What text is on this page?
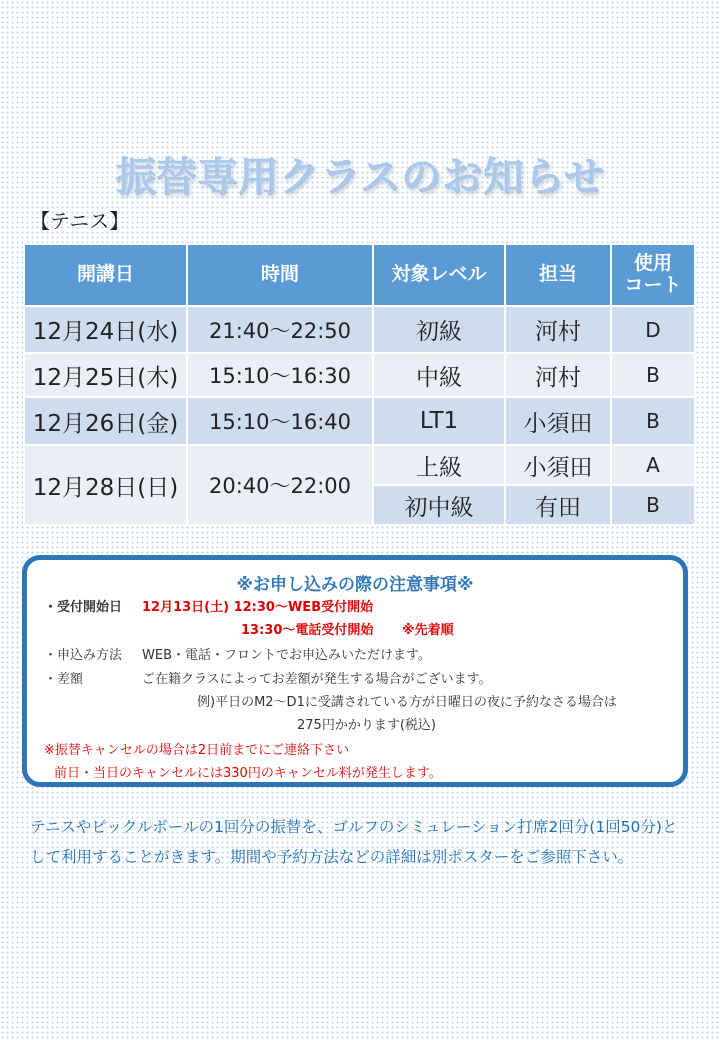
振替専用クラスのお知らせ
【テニス】
開講日	時間	対象レベル	担当	使用
コート
12月24日(水)	21:40〜22:50	初級	河村	D
12月25日(木)	15:10〜16:30	中級	河村	B
12月26日(金)	15:10〜16:40	LT1	小須田	B
12月28日(日)	20:40〜22:00	上級	小須田	A
		初中級	有田	B
※お申し込みの際の注意事項※
・受付開始日 12月13日(土) 12:30〜WEB受付開始
13:30〜電話受付開始 ※先着順
・申込み方法 WEB・電話・フロントでお申込みいただけます。
・差額	ご在籍クラスによってお差額が発生する場合がございます。
例)平日のM2〜D1に受講されている方が日曜日の夜に予約なさる場合は
275円かかります(税込)
※振替キャンセルの場合は2日前までにご連絡下さい
前日・当日のキャンセルには330円のキャンセル料が発生します。
テニスやピックルボールの1回分の振替を、ゴルフのシミュレーション打席2回分(1回50分)と
して利用することがきます。期間や予約方法などの詳細は別ポスターをご参照下さい。
